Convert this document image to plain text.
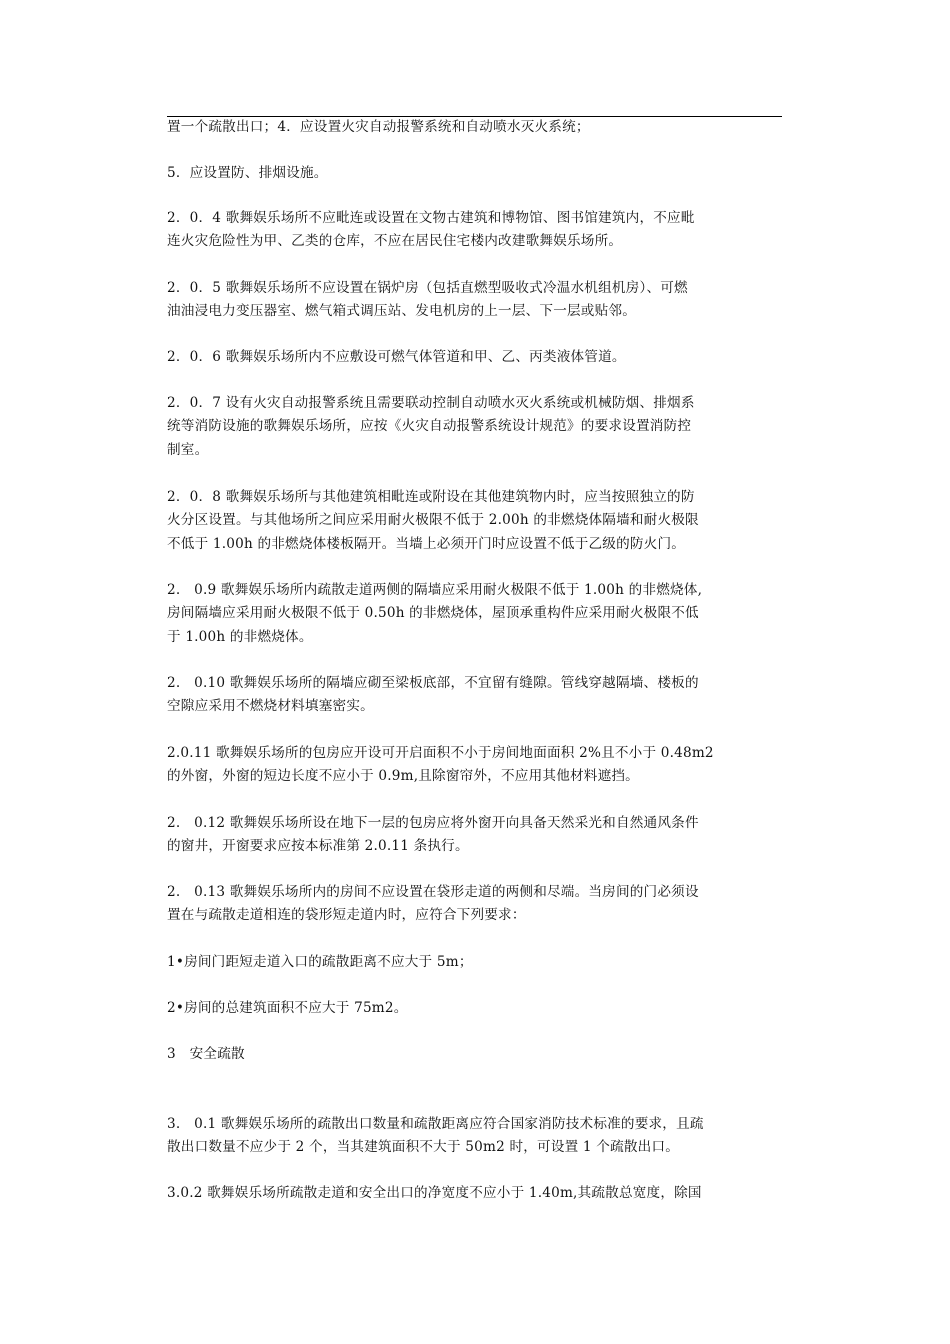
置一个疏散出口；4．应设置火灾自动报警系统和自动喷水灭火系统；

5．应设置防、排烟设施。

2．0．4 歌舞娱乐场所不应毗连或设置在文物古建筑和博物馆、图书馆建筑内，不应毗
连火灾危险性为甲、乙类的仓库，不应在居民住宅楼内改建歌舞娱乐场所。

2．0．5 歌舞娱乐场所不应设置在锅炉房（包括直燃型吸收式冷温水机组机房）、可燃
油油浸电力变压器室、燃气箱式调压站、发电机房的上一层、下一层或贴邻。

2．0．6 歌舞娱乐场所内不应敷设可燃气体管道和甲、乙、丙类液体管道。

2．0．7 设有火灾自动报警系统且需要联动控制自动喷水灭火系统或机械防烟、排烟系
统等消防设施的歌舞娱乐场所，应按《火灾自动报警系统设计规范》的要求设置消防控
制室。

2．0．8 歌舞娱乐场所与其他建筑相毗连或附设在其他建筑物内时，应当按照独立的防
火分区设置。与其他场所之间应采用耐火极限不低于 2.00h 的非燃烧体隔墙和耐火极限
不低于 1.00h 的非燃烧体楼板隔开。当墙上必须开门时应设置不低于乙级的防火门。

2.　0.9 歌舞娱乐场所内疏散走道两侧的隔墙应采用耐火极限不低于 1.00h 的非燃烧体,
房间隔墙应采用耐火极限不低于 0.50h 的非燃烧体，屋顶承重构件应采用耐火极限不低
于 1.00h 的非燃烧体。

2.　0.10 歌舞娱乐场所的隔墙应砌至梁板底部，不宜留有缝隙。管线穿越隔墙、楼板的
空隙应采用不燃烧材料填塞密实。

2.0.11 歌舞娱乐场所的包房应开设可开启面积不小于房间地面面积 2%且不小于 0.48m2
的外窗，外窗的短边长度不应小于 0.9m,且除窗帘外，不应用其他材料遮挡。

2.　0.12 歌舞娱乐场所设在地下一层的包房应将外窗开向具备天然采光和自然通风条件
的窗井，开窗要求应按本标准第 2.0.11 条执行。

2.　0.13 歌舞娱乐场所内的房间不应设置在袋形走道的两侧和尽端。当房间的门必须设
置在与疏散走道相连的袋形短走道内时，应符合下列要求：

1•房间门距短走道入口的疏散距离不应大于 5m；

2•房间的总建筑面积不应大于 75m2。

3　安全疏散

3.　0.1 歌舞娱乐场所的疏散出口数量和疏散距离应符合国家消防技术标准的要求，且疏
散出口数量不应少于 2 个，当其建筑面积不大于 50m2 时，可设置 1 个疏散出口。

3.0.2 歌舞娱乐场所疏散走道和安全出口的净宽度不应小于 1.40m,其疏散总宽度，除国
